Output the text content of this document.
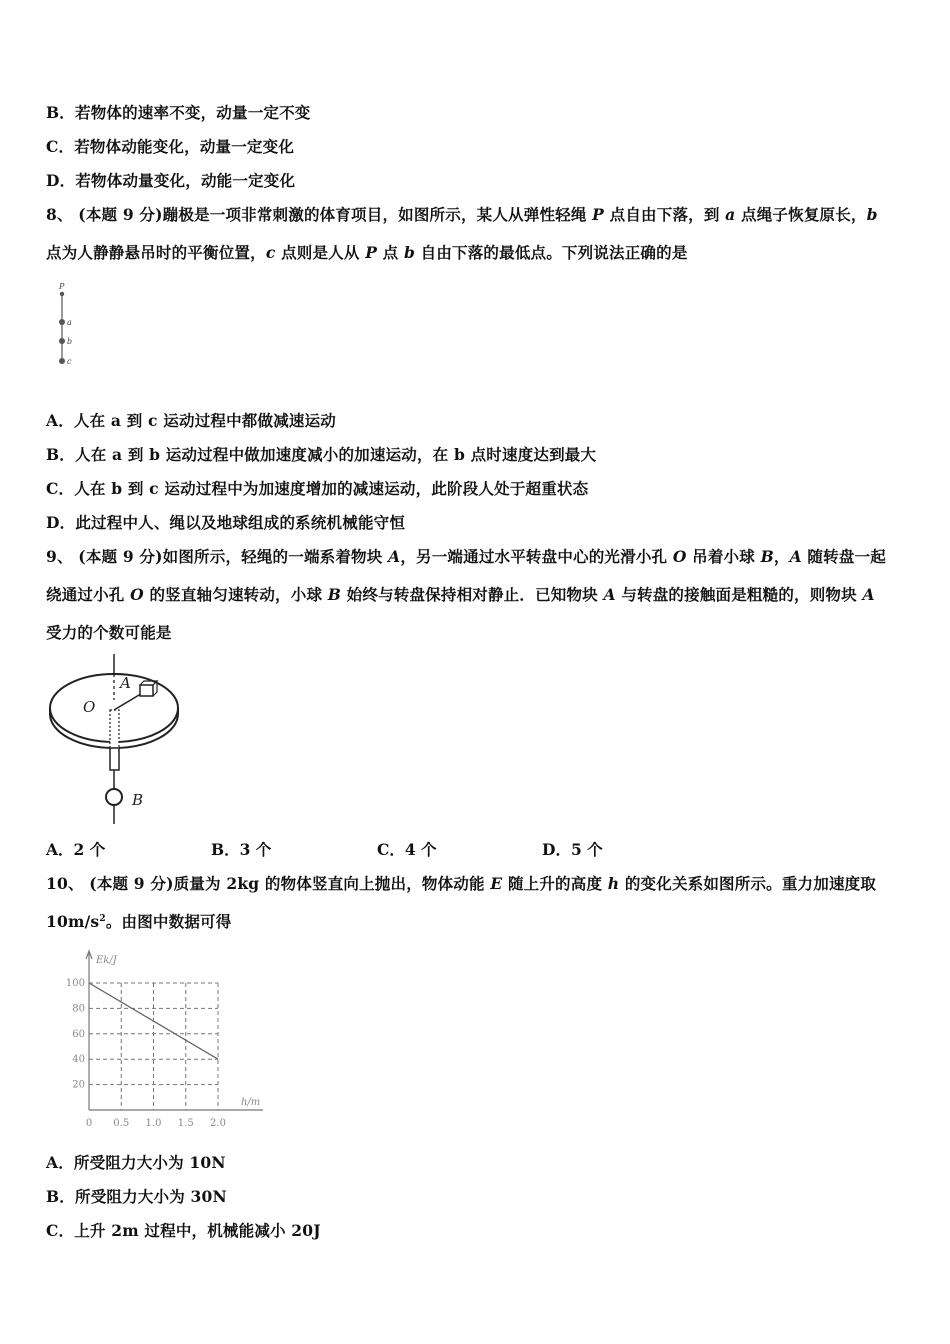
B．若物体的速率不变，动量一定不变
C．若物体动能变化，动量一定变化
D．若物体动量变化，动能一定变化
8、 (本题 9 分)蹦极是一项非常刺激的体育项目，如图所示，某人从弹性轻绳 P 点自由下落，到 a 点绳子恢复原长，b
点为人静静悬吊时的平衡位置，c 点则是人从 P 点 b 自由下落的最低点。下列说法正确的是
P
a
b
c
A．人在 a 到 c 运动过程中都做减速运动
B．人在 a 到 b 运动过程中做加速度减小的加速运动，在 b 点时速度达到最大
C．人在 b 到 c 运动过程中为加速度增加的减速运动，此阶段人处于超重状态
D．此过程中人、绳以及地球组成的系统机械能守恒
9、 (本题 9 分)如图所示，轻绳的一端系着物块 A，另一端通过水平转盘中心的光滑小孔 O 吊着小球 B，A 随转盘一起
绕通过小孔 O 的竖直轴匀速转动，小球 B 始终与转盘保持相对静止．已知物块 A 与转盘的接触面是粗糙的，则物块 A
受力的个数可能是
O
A
B
A．2 个	B．3 个	C．4 个	D．5 个
10、 (本题 9 分)质量为 2kg 的物体竖直向上抛出，物体动能 E 随上升的高度 h 的变化关系如图所示。重力加速度取
$10m/s^2$。由图中数据可得
100
80
60
40
20
0 0.5 1.0 1.5 2.0
Ek/J
h/m
A．所受阻力大小为 10N
B．所受阻力大小为 30N
C．上升 2m 过程中，机械能减小 20J
